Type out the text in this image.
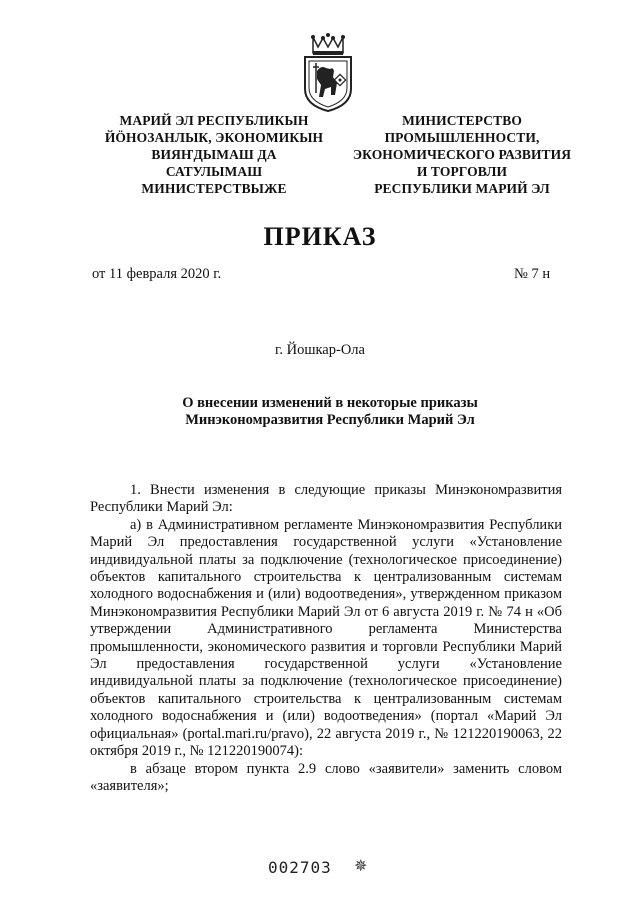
МАРИЙ ЭЛ РЕСПУБЛИКЫН
ЙӦНОЗАНЛЫК, ЭКОНОМИКЫН
ВИЯҤДЫМАШ ДА
САТУЛЫМАШ
МИНИСТЕРСТВЫЖЕ
МИНИСТЕРСТВО
ПРОМЫШЛЕННОСТИ,
ЭКОНОМИЧЕСКОГО РАЗВИТИЯ
И ТОРГОВЛИ
РЕСПУБЛИКИ МАРИЙ ЭЛ
ПРИКАЗ
от 11 февраля 2020 г.	№ 7 н
г. Йошкар-Ола
О внесении изменений в некоторые приказы
Минэкономразвития Республики Марий Эл

1. Внести изменения в следующие приказы Минэкономразвития Республики Марий Эл:

а) в Административном регламенте Минэкономразвития Республики Марий Эл предоставления государственной услуги «Установление индивидуальной платы за подключение (технологическое присоединение) объектов капитального строительства к централизованным системам холодного водоснабжения и (или) водоотведения», утвержденном приказом Минэкономразвития Республики Марий Эл от 6 августа 2019 г. № 74 н «Об утверждении Административного регламента Министерства промышленности, экономического развития и торговли Республики Марий Эл предоставления государственной услуги «Установление индивидуальной платы за подключение (технологическое присоединение) объектов капитального строительства к централизованным системам холодного водоснабжения и (или) водоотведения» (портал «Марий Эл официальная» (portal.mari.ru/pravo), 22 августа 2019 г., № 121220190063, 22 октября 2019 г., № 121220190074):

в абзаце втором пункта 2.9 слово «заявители» заменить словом «заявителя»;

002703 ✵
